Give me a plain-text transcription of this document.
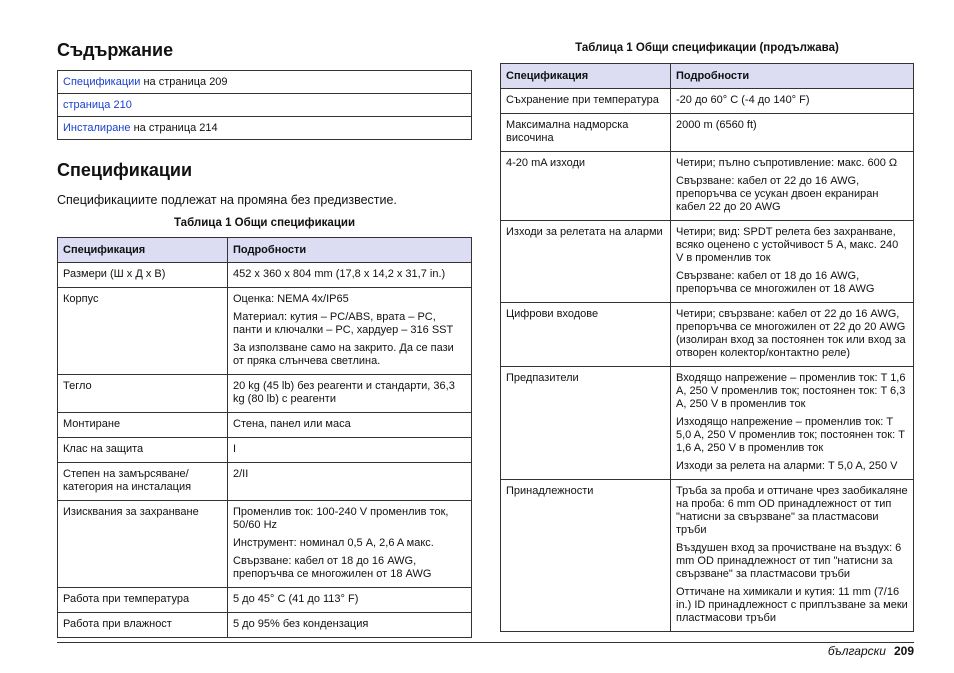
Съдържание
Спецификации на страница 209
страница 210
Инсталиране на страница 214
Спецификации

Спецификациите подлежат на промяна без предизвестие.

Таблица 1 Общи спецификации
Спецификация	Подробности
Размери (Ш x Д x В)	452 x 360 x 804 mm (17,8 x 14,2 x 31,7 in.)

Корпус	Оценка: NEMA 4x/IP65

Материал: кутия – PC/ABS, врата – PC, панти и ключалки – PC, хардуер – 316 SST

За използване само на закрито. Да се пази от пряка слънчева светлина.

Тегло	20 kg (45 lb) без реагенти и стандарти, 36,3 kg (80 lb) с реагенти

Монтиране	Стена, панел или маса

Клас на защита	I

Степен на замърсяване/категория на инсталация	2/II

Изисквания за захранване	Променлив ток: 100-240 V променлив ток, 50/60 Hz

Инструмент: номинал 0,5 A, 2,6 A макс.

Свързване: кабел от 18 до 16 AWG, препоръчва се многожилен от 18 AWG

Работа при температура	5 до 45° C (41 до 113° F)

Работа при влажност	5 до 95% без кондензация

Таблица 1 Общи спецификации (продължава)
Спецификация	Подробности
Съхранение при температура	-20 до 60° C (-4 до 140° F)

Максимална надморска височина	2000 m (6560 ft)

4-20 mA изходи	Четири; пълно съпротивление: макс. 600 Ω

Свързване: кабел от 22 до 16 AWG, препоръчва се усукан двоен екраниран кабел 22 до 20 AWG

Изходи за релетата на аларми	Четири; вид: SPDT релета без захранване, всяко оценено с устойчивост 5 A, макс. 240 V в променлив ток

Свързване: кабел от 18 до 16 AWG, препоръчва се многожилен от 18 AWG

Цифрови входове	Четири; свързване: кабел от 22 до 16 AWG, препоръчва се многожилен от 22 до 20 AWG (изолиран вход за постоянен ток или вход за отворен колектор/контактно реле)

Предпазители	Входящо напрежение – променлив ток: T 1,6 A, 250 V променлив ток; постоянен ток: T 6,3 A, 250 V в променлив ток

Изходящо напрежение – променлив ток: T 5,0 A, 250 V променлив ток; постоянен ток: T 1,6 A, 250 V в променлив ток

Изходи за релета на аларми: T 5,0 A, 250 V

Принадлежности	Тръба за проба и оттичане чрез заобикаляне на проба: 6 mm OD принадлежност от тип "натисни за свързване" за пластмасови тръби

Въздушен вход за прочистване на въздух: 6 mm OD принадлежност от тип "натисни за свързване" за пластмасови тръби

Оттичане на химикали и кутия: 11 mm (7/16 in.) ID принадлежност с приплъзване за меки пластмасови тръби

български 209
